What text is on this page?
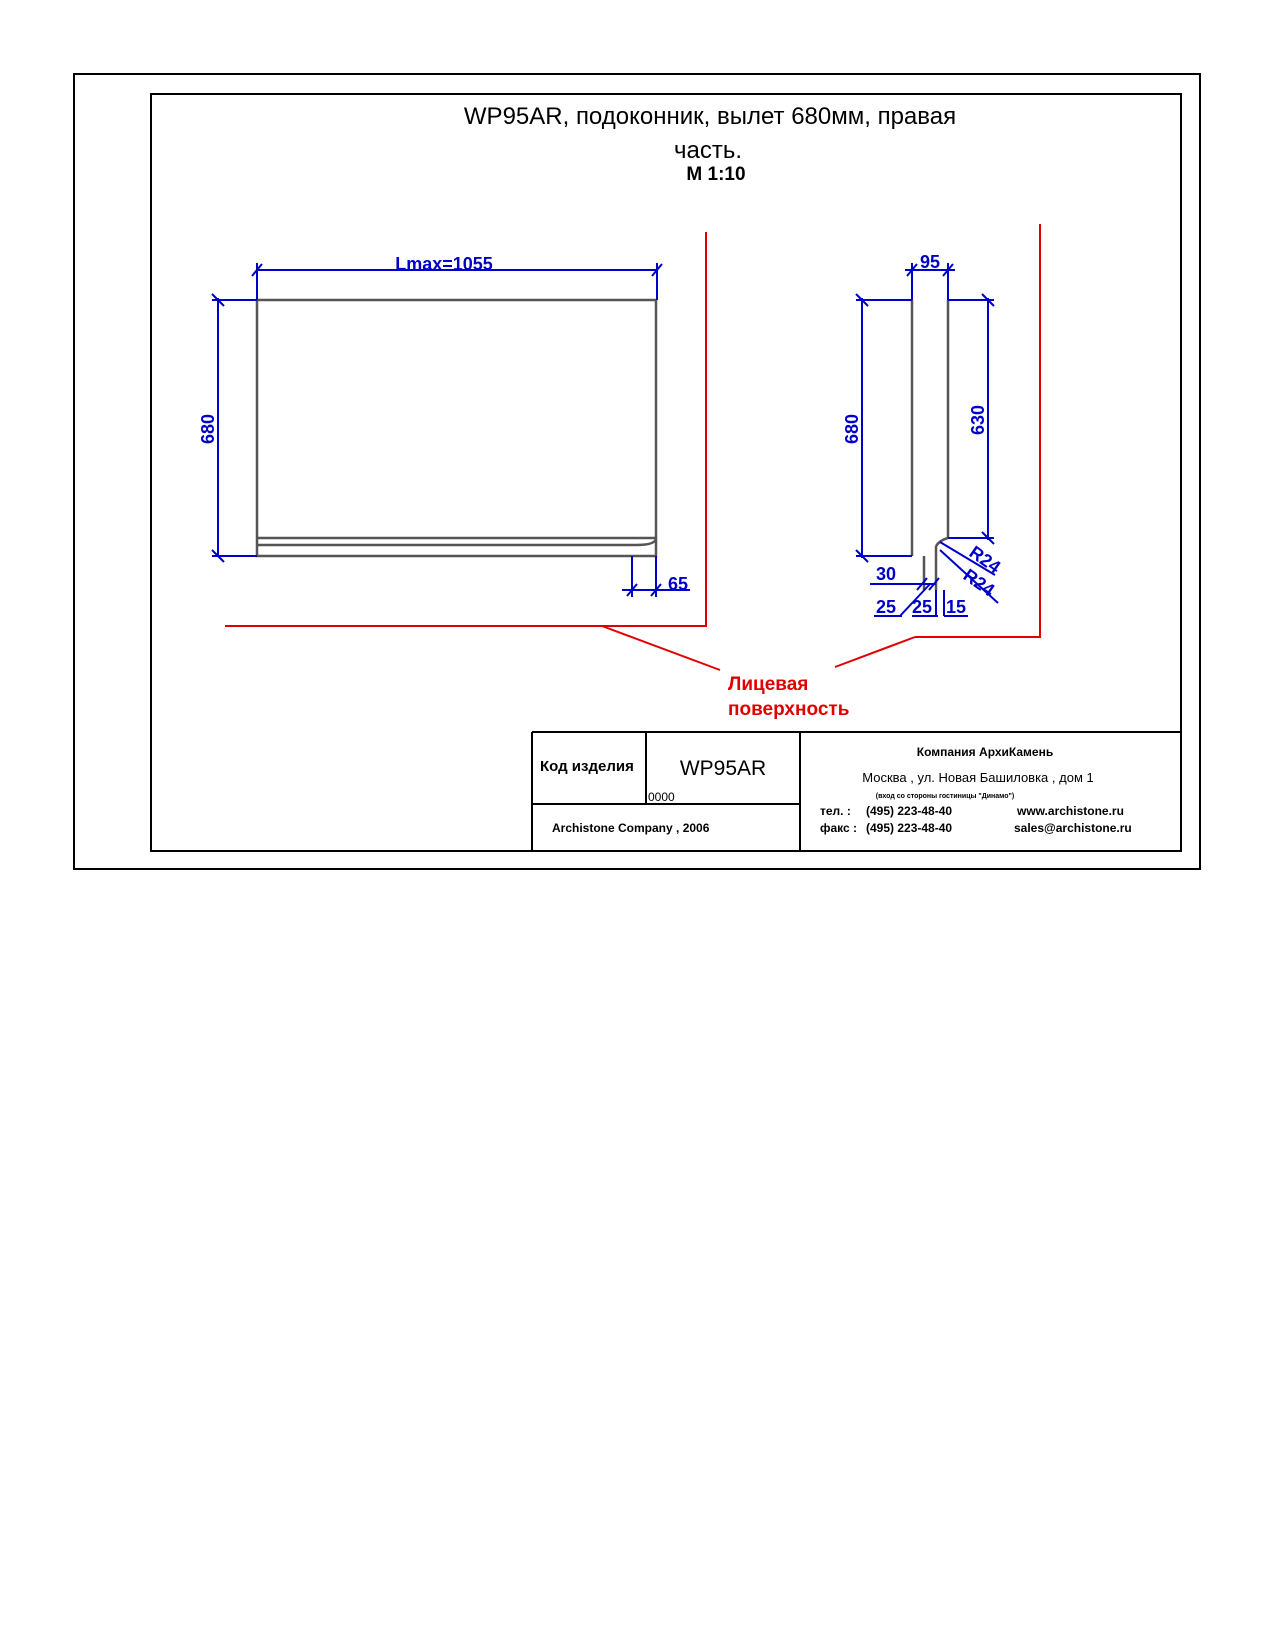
WP95AR, подоконник, вылет 680мм, правая
часть.
M 1:10
Lmax=1055
680
65
95
680	630
R24
R24
30
25 25 15
Лицевая
поверхность
Код изделия WP95AR
0000
Archistone Company , 2006
Компания АрхиКамень
Москва , ул. Новая Башиловка , дом 1
(вход со стороны гостиницы "Динамо")
тел. : (495) 223-48-40
факс : (495) 223-48-40
www.archistone.ru
sales@archistone.ru
